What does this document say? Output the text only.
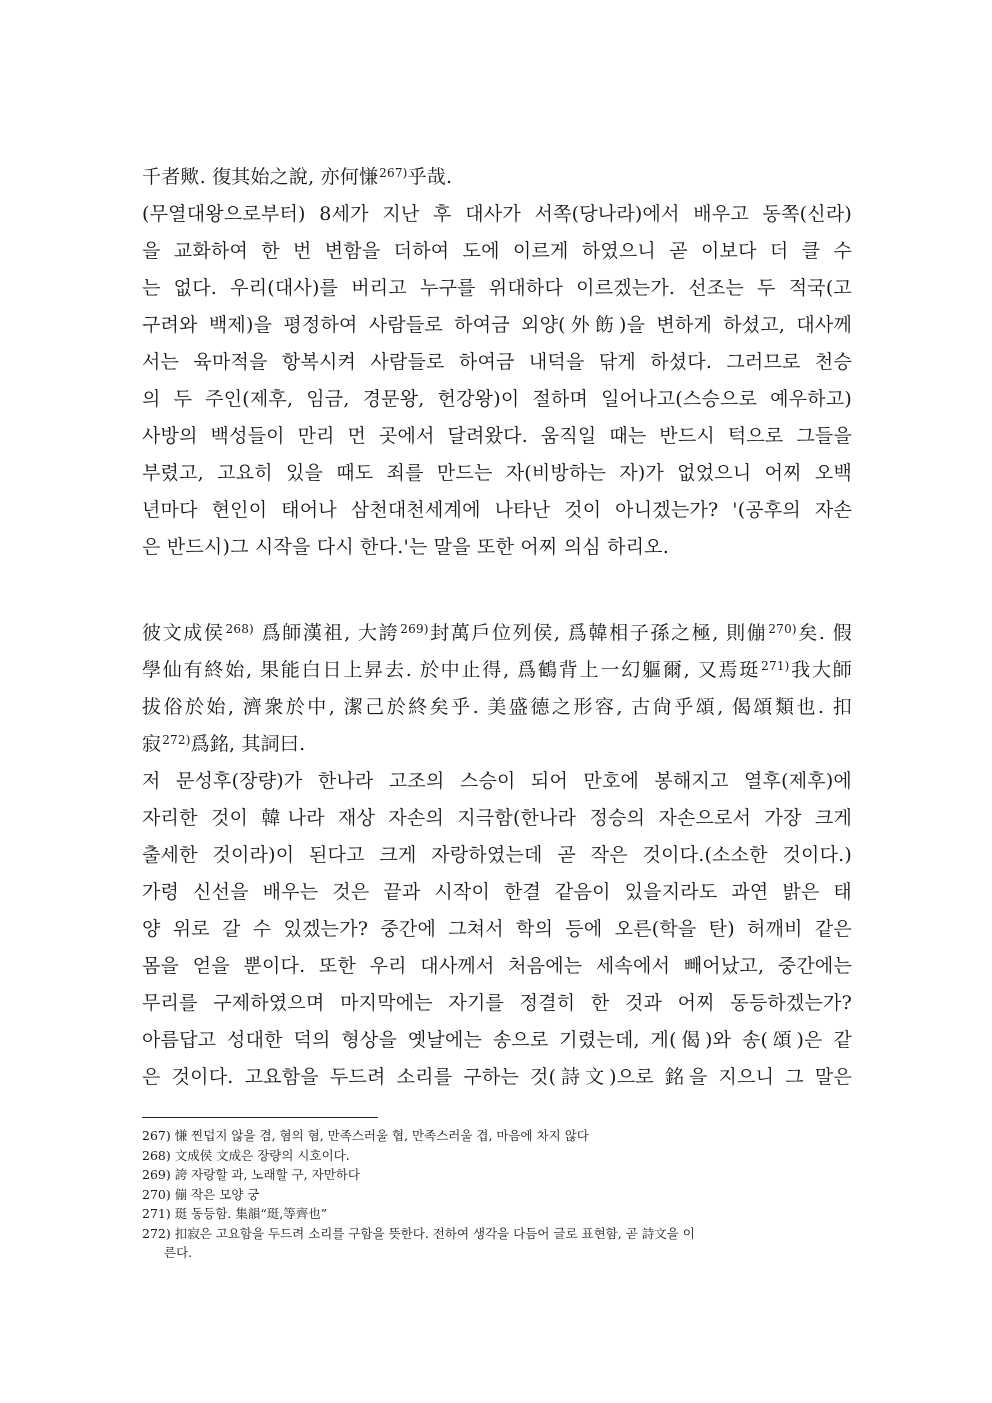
千者歟. 復其始之說, 亦何慊$^{267)}$乎哉.
(무열대왕으로부터) 8세가 지난 후 대사가 서쪽(당나라)에서 배우고 동쪽(신라)
을 교화하여 한 번 변함을 더하여 도에 이르게 하였으니 곧 이보다 더 클 수
는 없다. 우리(대사)를 버리고 누구를 위대하다 이르겠는가. 선조는 두 적국(고
구려와 백제)을 평정하여 사람들로 하여금 외양(外飭)을 변하게 하셨고, 대사께
서는 육마적을 항복시켜 사람들로 하여금 내덕을 닦게 하셨다. 그러므로 천승
의 두 주인(제후, 임금, 경문왕, 헌강왕)이 절하며 일어나고(스승으로 예우하고)
사방의 백성들이 만리 먼 곳에서 달려왔다. 움직일 때는 반드시 턱으로 그들을
부렸고, 고요히 있을 때도 죄를 만드는 자(비방하는 자)가 없었으니 어찌 오백
년마다 현인이 태어나 삼천대천세계에 나타난 것이 아니겠는가? '(공후의 자손
은 반드시)그 시작을 다시 한다.'는 말을 또한 어찌 의심 하리오.
彼文成侯$^{268)}$ 爲師漢祖, 大誇$^{269)}$封萬戶位列侯, 爲韓相子孫之極, 則傰$^{270)}$矣. 假
學仙有終始, 果能白日上昇去. 於中止得, 爲鶴背上一幻軀爾, 又焉珽$^{271)}$我大師
拔俗於始, 濟衆於中, 潔己於終矣乎. 美盛德之形容, 古尙乎頌, 偈頌類也. 扣
寂$^{272)}$爲銘, 其詞曰.
저 문성후(장량)가 한나라 고조의 스승이 되어 만호에 봉해지고 열후(제후)에
자리한 것이 韓나라 재상 자손의 지극함(한나라 정승의 자손으로서 가장 크게
출세한 것이라)이 된다고 크게 자랑하였는데 곧 작은 것이다.(소소한 것이다.)
가령 신선을 배우는 것은 끝과 시작이 한결 같음이 있을지라도 과연 밝은 태
양 위로 갈 수 있겠는가? 중간에 그쳐서 학의 등에 오른(학을 탄) 허깨비 같은
몸을 얻을 뿐이다. 또한 우리 대사께서 처음에는 세속에서 빼어났고, 중간에는
무리를 구제하였으며 마지막에는 자기를 정결히 한 것과 어찌 동등하겠는가?
아름답고 성대한 덕의 형상을 옛날에는 송으로 기렸는데, 게(偈)와 송(頌)은 같
은 것이다. 고요함을 두드려 소리를 구하는 것(詩文)으로 銘을 지으니 그 말은
267) 慊 찐덥지 않을 겸, 혐의 혐, 만족스러울 협, 만족스러울 겹, 마음에 차지 않다
268) 文成侯 文成은 장량의 시호이다.
269) 誇 자랑할 과, 노래할 구, 자만하다
270) 傰 작은 모양 궁
271) 珽 동등함. 集韻“珽,等齊也”
272) 扣寂은 고요함을 두드려 소리를 구함을 뜻한다. 전하여 생각을 다듬어 글로 표현함, 곧 詩文을 이
른다.
